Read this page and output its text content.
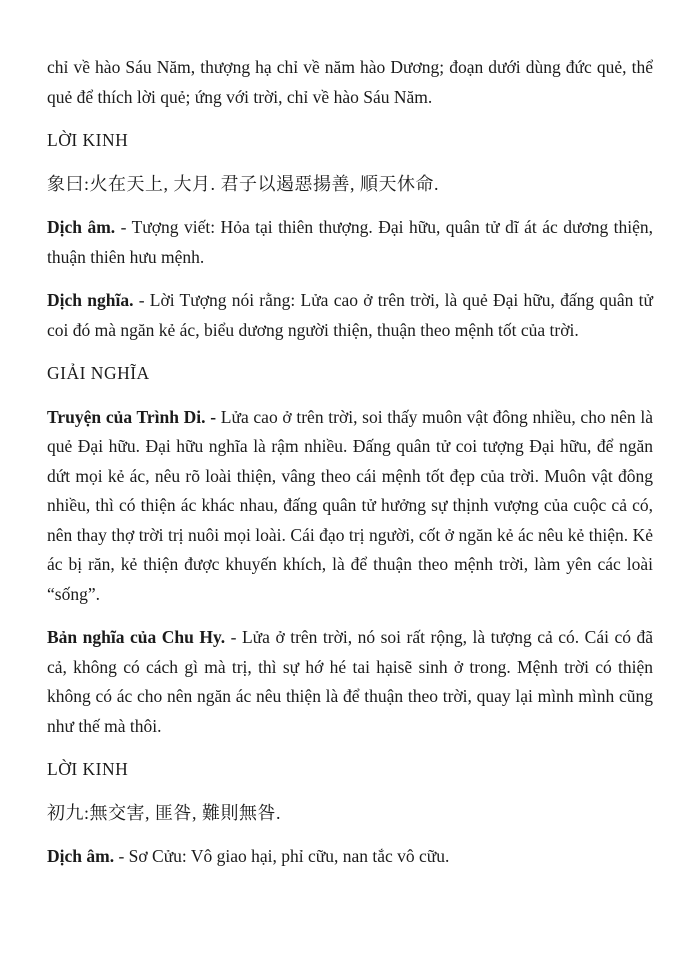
chỉ về hào Sáu Năm, thượng hạ chỉ về năm hào Dương; đoạn dưới dùng đức quẻ, thể quẻ để thích lời quẻ; ứng với trời, chỉ về hào Sáu Năm.

LỜI KINH

象曰:火在天上, 大月. 君子以遏惡揚善, 順天休命.

Dịch âm. - Tượng viết: Hỏa tại thiên thượng. Đại hữu, quân tử dĩ át ác dương thiện, thuận thiên hưu mệnh.

Dịch nghĩa. - Lời Tượng nói rằng: Lửa cao ở trên trời, là quẻ Đại hữu, đấng quân tử coi đó mà ngăn kẻ ác, biểu dương người thiện, thuận theo mệnh tốt của trời.

GIẢI NGHĨA

Truyện của Trình Di. - Lửa cao ở trên trời, soi thấy muôn vật đông nhiều, cho nên là quẻ Đại hữu. Đại hữu nghĩa là rậm nhiều. Đấng quân tử coi tượng Đại hữu, để ngăn dứt mọi kẻ ác, nêu rõ loài thiện, vâng theo cái mệnh tốt đẹp của trời. Muôn vật đông nhiều, thì có thiện ác khác nhau, đấng quân tử hưởng sự thịnh vượng của cuộc cả có, nên thay thợ trời trị nuôi mọi loài. Cái đạo trị người, cốt ở ngăn kẻ ác nêu kẻ thiện. Kẻ ác bị răn, kẻ thiện được khuyến khích, là để thuận theo mệnh trời, làm yên các loài “sống”.

Bản nghĩa của Chu Hy. - Lửa ở trên trời, nó soi rất rộng, là tượng cả có. Cái có đã cả, không có cách gì mà trị, thì sự hớ hé tai hạisẽ sinh ở trong. Mệnh trời có thiện không có ác cho nên ngăn ác nêu thiện là để thuận theo trời, quay lại mình mình cũng như thế mà thôi.

LỜI KINH

初九:無交害, 匪咎, 難則無咎.

Dịch âm. - Sơ Cửu: Vô giao hại, phỉ cữu, nan tắc vô cữu.
